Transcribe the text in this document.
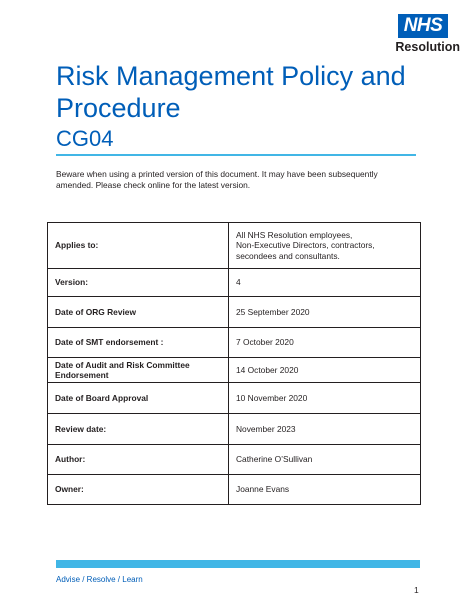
NHS
Resolution
Risk Management Policy and Procedure
CG04
Beware when using a printed version of this document. It may have been subsequently amended. Please check online for the latest version.
Applies to:	All NHS Resolution employees,
Non-Executive Directors, contractors,
secondees and consultants.
Version:	4
Date of ORG Review	25 September 2020
Date of SMT endorsement :	7 October 2020
Date of Audit and Risk Committee Endorsement	14 October 2020
Date of Board Approval	10 November 2020
Review date:	November 2023
Author:	Catherine O’Sullivan
Owner:	Joanne Evans
Advise / Resolve / Learn
1
